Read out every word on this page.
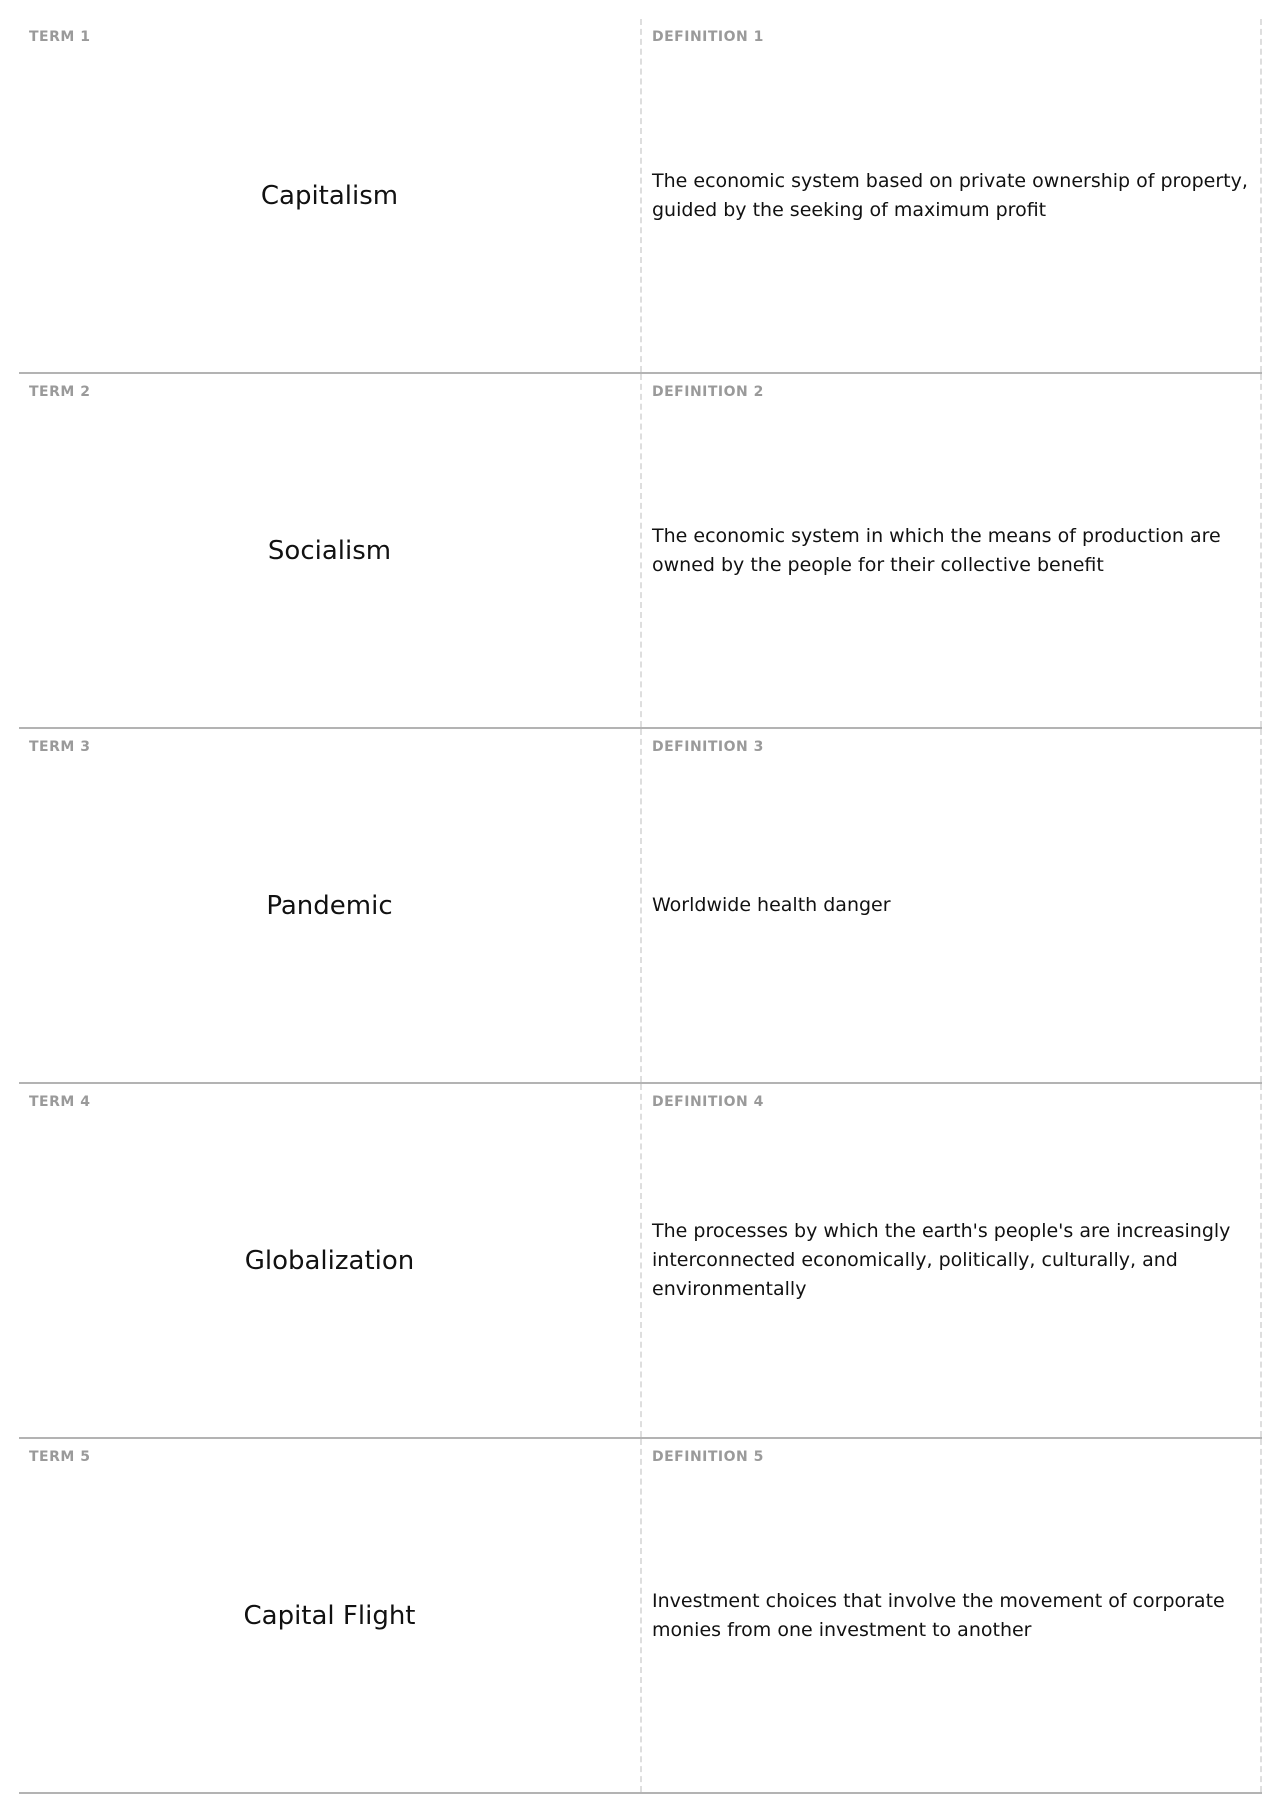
TERM 1
Capitalism
DEFINITION 1
The economic system based on private ownership of property, guided by the seeking of maximum profit
TERM 2
Socialism
DEFINITION 2
The economic system in which the means of production are owned by the people for their collective benefit
TERM 3
Pandemic
DEFINITION 3
Worldwide health danger
TERM 4
Globalization
DEFINITION 4
The processes by which the earth's people's are increasingly interconnected economically, politically, culturally, and environmentally
TERM 5
Capital Flight
DEFINITION 5
Investment choices that involve the movement of corporate monies from one investment to another
